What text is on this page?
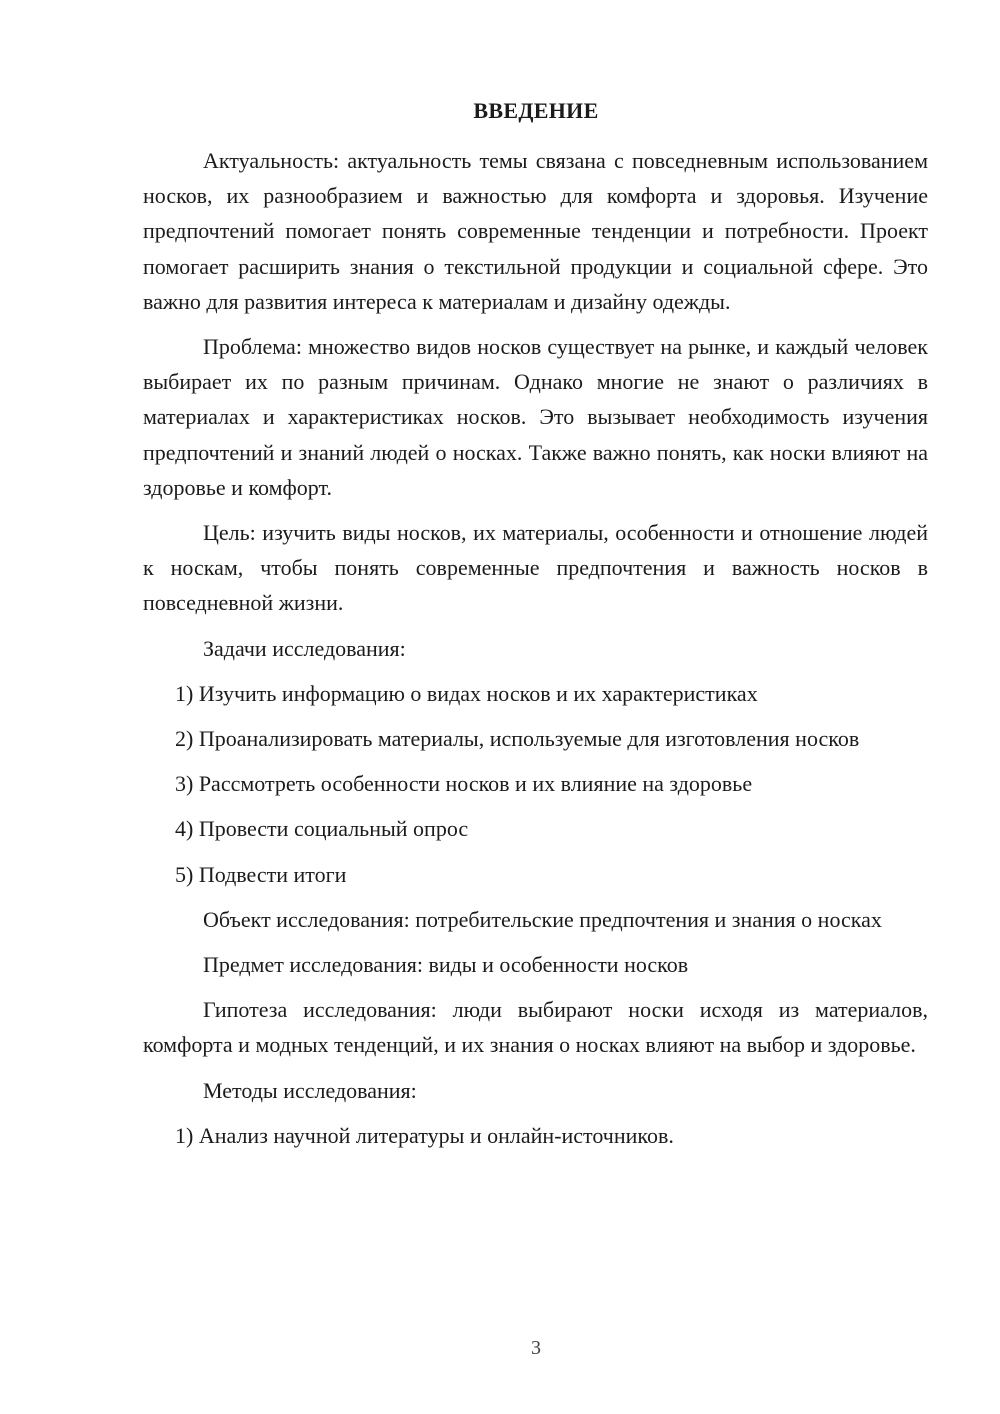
ВВЕДЕНИЕ

Актуальность: актуальность темы связана с повседневным использованием носков, их разнообразием и важностью для комфорта и здоровья. Изучение предпочтений помогает понять современные тенденции и потребности. Проект помогает расширить знания о текстильной продукции и социальной сфере. Это важно для развития интереса к материалам и дизайну одежды.

Проблема: множество видов носков существует на рынке, и каждый человек выбирает их по разным причинам. Однако многие не знают о различиях в материалах и характеристиках носков. Это вызывает необходимость изучения предпочтений и знаний людей о носках. Также важно понять, как носки влияют на здоровье и комфорт.

Цель: изучить виды носков, их материалы, особенности и отношение людей к носкам, чтобы понять современные предпочтения и важность носков в повседневной жизни.

Задачи исследования:

1) Изучить информацию о видах носков и их характеристиках

2) Проанализировать материалы, используемые для изготовления носков

3) Рассмотреть особенности носков и их влияние на здоровье

4) Провести социальный опрос

5) Подвести итоги

Объект исследования: потребительские предпочтения и знания о носках

Предмет исследования: виды и особенности носков

Гипотеза исследования: люди выбирают носки исходя из материалов, комфорта и модных тенденций, и их знания о носках влияют на выбор и здоровье.

Методы исследования:

1) Анализ научной литературы и онлайн-источников.

3
